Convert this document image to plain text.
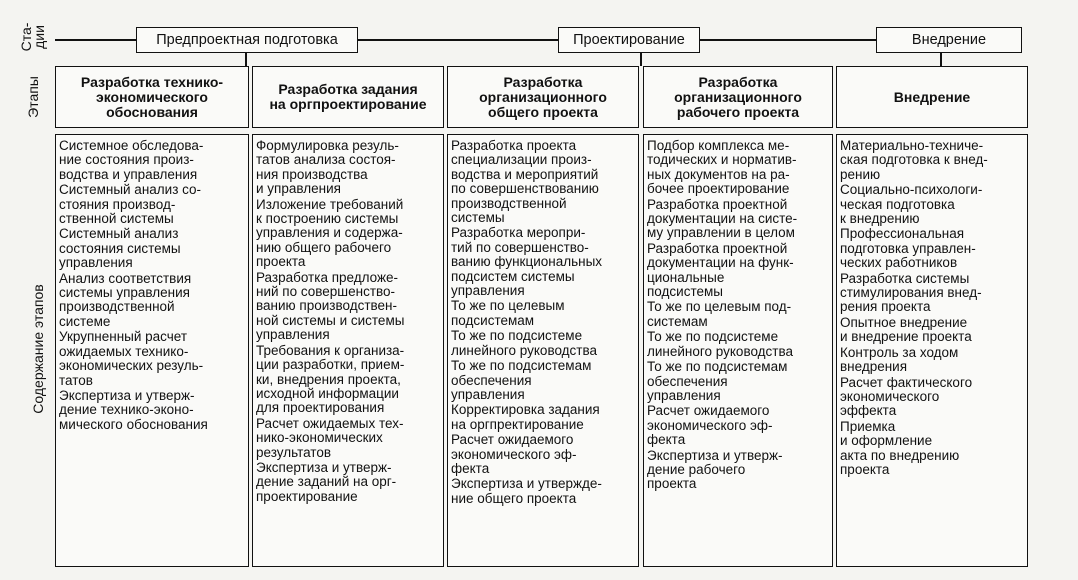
Ста-
дии
Этапы
Содержание этапов
Предпроектная подготовка	Проектирование	Внедрение
Разработка технико-
экономического
обоснования
Разработка задания
на оргпроектирование
Разработка
организационного
общего проекта
Разработка
организационного
рабочего проекта
Внедрение
Системное обследова-
ние состояния произ-
водства и управления
Системный анализ со-
стояния производ-
ственной системы
Системный анализ
состояния системы
управления
Анализ соответствия
системы управления
производственной
системе
Укрупненный расчет
ожидаемых технико-
экономических резуль-
татов
Экспертиза и утверж-
дение технико-эконо-
мического обоснования
Формулировка резуль-
татов анализа состоя-
ния производства
и управления
Изложение требований
к построению системы
управления и содержа-
нию общего рабочего
проекта
Разработка предложе-
ний по совершенство-
ванию производствен-
ной системы и системы
управления
Требования к организа-
ции разработки, прием-
ки, внедрения проекта,
исходной информации
для проектирования
Расчет ожидаемых тех-
нико-экономических
результатов
Экспертиза и утверж-
дение заданий на орг-
проектирование
Разработка проекта
специализации произ-
водства и мероприятий
по совершенствованию
производственной
системы
Разработка меропри-
тий по совершенство-
ванию функциональных
подсистем системы
управления
То же по целевым
подсистемам
То же по подсистеме
линейного руководства
То же по подсистемам
обеспечения
управления
Корректировка задания
на оргпректирование
Расчет ожидаемого
экономического эф-
фекта
Экспертиза и утвержде-
ние общего проекта
Подбор комплекса ме-
тодических и норматив-
ных документов на ра-
бочее проектирование
Разработка проектной
документации на систе-
му управлении в целом
Разработка проектной
документации на функ-
циональные
подсистемы
То же по целевым под-
системам
То же по подсистеме
линейного руководства
То же по подсистемам
обеспечения
управления
Расчет ожидаемого
экономического эф-
фекта
Экспертиза и утверж-
дение рабочего
проекта
Материально-техниче-
ская подготовка к внед-
рению
Социально-психологи-
ческая подготовка
к внедрению
Профессиональная
подготовка управлен-
ческих работников
Разработка системы
стимулирования внед-
рения проекта
Опытное внедрение
и внедрение проекта
Контроль за ходом
внедрения
Расчет фактического
экономического
эффекта
Приемка
и оформление
акта по внедрению
проекта
